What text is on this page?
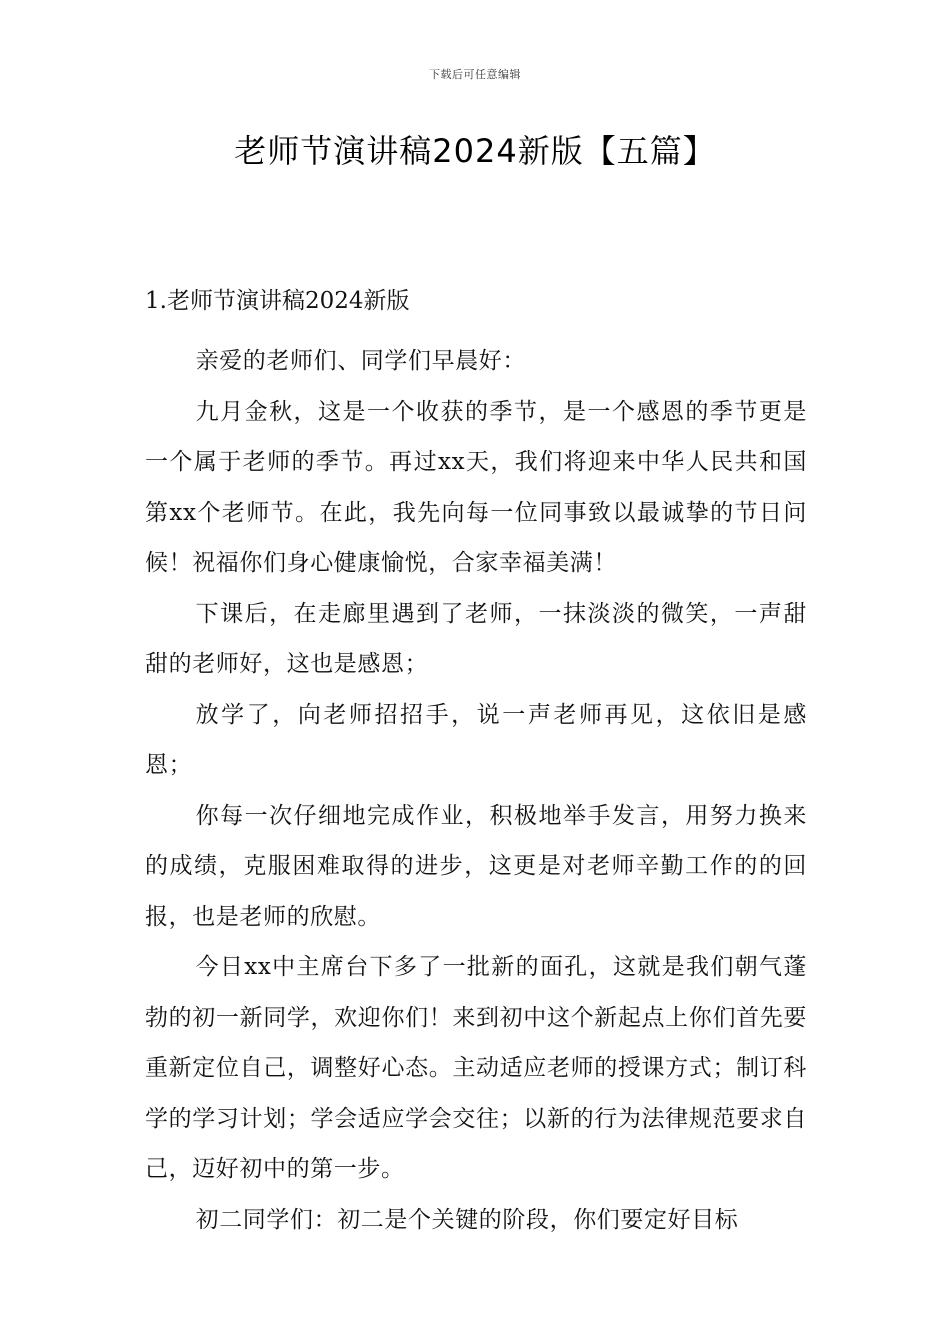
下载后可任意编辑
老师节演讲稿2024新版【五篇】
1.老师节演讲稿2024新版

亲爱的老师们、同学们早晨好：

九月金秋，这是一个收获的季节，是一个感恩的季节更是一个属于老师的季节。再过xx天，我们将迎来中华人民共和国第xx个老师节。在此，我先向每一位同事致以最诚挚的节日问候！祝福你们身心健康愉悦，合家幸福美满！

下课后，在走廊里遇到了老师，一抹淡淡的微笑，一声甜甜的老师好，这也是感恩；

放学了，向老师招招手，说一声老师再见，这依旧是感恩；

你每一次仔细地完成作业，积极地举手发言，用努力换来的成绩，克服困难取得的进步，这更是对老师辛勤工作的的回报，也是老师的欣慰。

今日xx中主席台下多了一批新的面孔，这就是我们朝气蓬勃的初一新同学，欢迎你们！来到初中这个新起点上你们首先要重新定位自己，调整好心态。主动适应老师的授课方式；制订科学的学习计划；学会适应学会交往；以新的行为法律规范要求自己，迈好初中的第一步。

初二同学们：初二是个关键的阶段，你们要定好目标
